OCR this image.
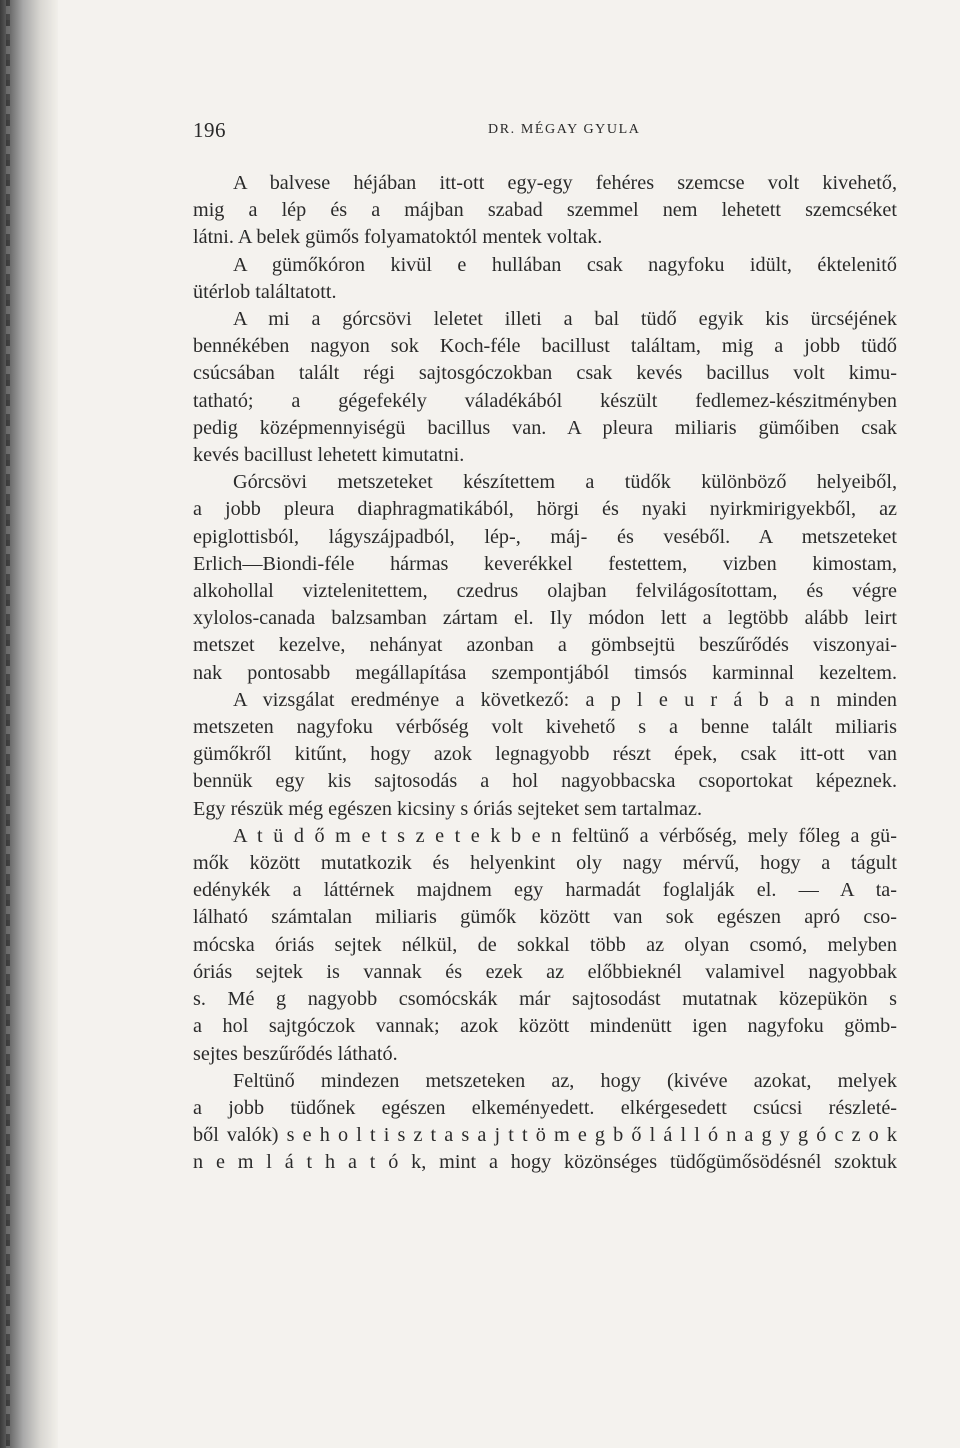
196	DR. MÉGAY GYULA
A balvese héjában itt-ott egy-egy fehéres szemcse volt kivehető,
mig a lép és a májban szabad szemmel nem lehetett szemcséket
látni. A belek gümős folyamatoktól mentek voltak.
A gümőkóron kivül e hullában csak nagyfoku idült, éktelenitő
ütérlob találtatott.
A mi a górcsövi leletet illeti a bal tüdő egyik kis ürcséjének
bennékében nagyon sok Koch-féle bacillust találtam, mig a jobb tüdő
csúcsában talált régi sajtosgóczokban csak kevés bacillus volt kimu-
tatható; a gégefekély váladékából készült fedlemez-készitményben
pedig középmennyiségü bacillus van. A pleura miliaris gümőiben csak
kevés bacillust lehetett kimutatni.
Górcsövi metszeteket készítettem a tüdők különböző helyeiből,
a jobb pleura diaphragmatikából, hörgi és nyaki nyirkmirigyekből, az
epiglottisból, lágyszájpadból, lép-, máj- és veséből. A metszeteket
Erlich—Biondi-féle hármas keverékkel festettem, vizben kimostam,
alkohollal viztelenitettem, czedrus olajban felvilágosítottam, és végre
xylolos-canada balzsamban zártam el. Ily módon lett a legtöbb alább leirt
metszet kezelve, nehányat azonban a gömbsejtü beszűrődés viszonyai-
nak pontosabb megállapítása szempontjából timsós karminnal kezeltem.
A vizsgálat eredménye a következő: a p l e u r á b a n minden
metszeten nagyfoku vérbőség volt kivehető s a benne talált miliaris
gümőkről kitűnt, hogy azok legnagyobb részt épek, csak itt-ott van
bennük egy kis sajtosodás a hol nagyobbacska csoportokat képeznek.
Egy részük még egészen kicsiny s óriás sejteket sem tartalmaz.
A t ü d ő m e t s z e t e k b e n feltünő a vérbőség, mely főleg a gü-
mők között mutatkozik és helyenkint oly nagy mérvű, hogy a tágult
edénykék a láttérnek majdnem egy harmadát foglalják el. — A ta-
lálható számtalan miliaris gümők között van sok egészen apró cso-
mócska óriás sejtek nélkül, de sokkal több az olyan csomó, melyben
óriás sejtek is vannak és ezek az előbbieknél valamivel nagyobbak
s. Mé g nagyobb csomócskák már sajtosodást mutatnak közepükön s
a hol sajtgóczok vannak; azok között mindenütt igen nagyfoku gömb-
sejtes beszűrődés látható.
Feltünő mindezen metszeteken az, hogy (kivéve azokat, melyek
a jobb tüdőnek egészen elkeményedett. elkérgesedett csúcsi részleté-
ből valók) s e h o l t i s z t a s a j t t ö m e g b ő l á l l ó n a g y g ó c z o k
n e m l á t h a t ó k, mint a hogy közönséges tüdőgümősödésnél szoktuk
